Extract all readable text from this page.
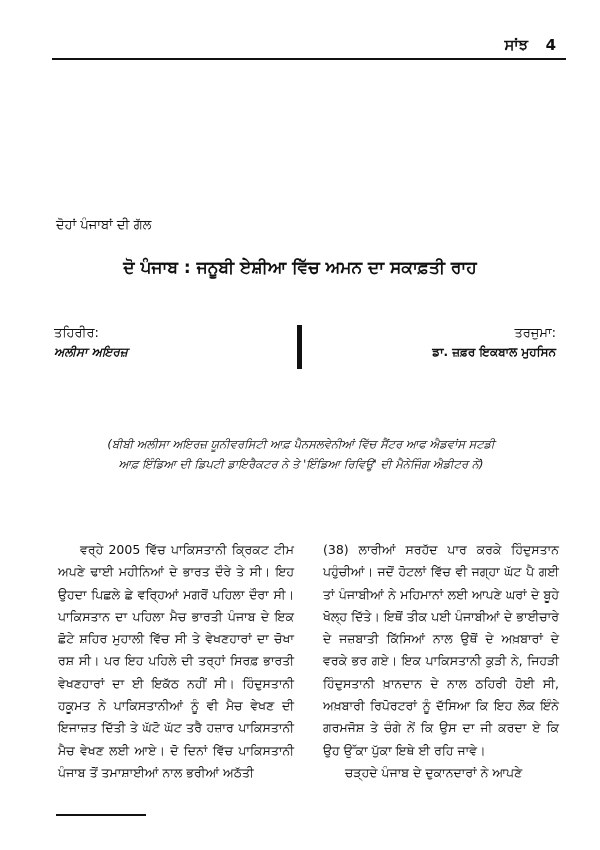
ਸਾਂਝ 4
ਦੋਹਾਂ ਪੰਜਾਬਾਂ ਦੀ ਗੱਲ
ਦੋ ਪੰਜਾਬ : ਜਨੂਬੀ ਏਸ਼ੀਆ ਵਿੱਚ ਅਮਨ ਦਾ ਸਕਾਫ਼ਤੀ ਰਾਹ
ਤਹਿਰੀਰ:
ਅਲੀਸਾ ਅਇਰਜ਼
ਤਰਜੁਮਾ:
ਡਾ. ਜ਼ਫ਼ਰ ਇਕਬਾਲ ਮੁਹਸਿਨ
(ਬੀਬੀ ਅਲੀਸਾ ਅਇਰਜ਼ ਯੂਨੀਵਰਸਿਟੀ ਆਫ਼ ਪੈਨਸਲਵੇਨੀਆਂ ਵਿੱਚ ਸੈਂਟਰ ਆਫ ਐਡਵਾਂਸ ਸਟਡੀ
ਆਫ਼ ਇੰਡਿਆ ਦੀ ਡਿਪਟੀ ਡਾਇਰੈਕਟਰ ਨੇ ਤੇ 'ਇੰਡਿਆ ਰਿਵਿਊ' ਦੀ ਮੈਨੇਜਿੰਗ ਐਡੀਟਰ ਨੇਂ)

ਵਰ੍ਹੇ 2005 ਵਿੱਚ ਪਾਕਿਸਤਾਨੀ ਕ੍ਰਿਕਟ ਟੀਮ ਅਪਣੇ ਢਾਈ ਮਹੀਨਿਆਂ ਦੇ ਭਾਰਤ ਦੌਰੇ ਤੇ ਸੀ। ਇਹ ਉਹਦਾ ਪਿਛਲੇ ਛੇ ਵਰ੍ਹਿਆਂ ਮਗਰੋਂ ਪਹਿਲਾ ਦੌਰਾ ਸੀ। ਪਾਕਿਸਤਾਨ ਦਾ ਪਹਿਲਾ ਮੈਚ ਭਾਰਤੀ ਪੰਜਾਬ ਦੇ ਇਕ ਛੋਟੇ ਸ਼ਹਿਰ ਮੁਹਾਲੀ ਵਿੱਚ ਸੀ ਤੇ ਵੇਖਣਹਾਰਾਂ ਦਾ ਚੋਖਾ ਰਸ਼ ਸੀ। ਪਰ ਇਹ ਪਹਿਲੇ ਦੀ ਤਰ੍ਹਾਂ ਸਿਰਫ਼ ਭਾਰਤੀ ਵੇਖਣਹਾਰਾਂ ਦਾ ਈ ਇਕੱਠ ਨਹੀਂ ਸੀ। ਹਿੰਦੁਸਤਾਨੀ ਹਕੂਮਤ ਨੇ ਪਾਕਿਸਤਾਨੀਆਂ ਨੂੰ ਵੀ ਮੈਚ ਵੇਖਣ ਦੀ ਇਜਾਜ਼ਤ ਦਿੱਤੀ ਤੇ ਘੱਟੋ ਘੱਟ ਤਰੈ ਹਜ਼ਾਰ ਪਾਕਿਸਤਾਨੀ ਮੈਚ ਵੇਖਣ ਲਈ ਆਏ। ਦੋ ਦਿਨਾਂ ਵਿੱਚ ਪਾਕਿਸਤਾਨੀ ਪੰਜਾਬ ਤੋਂ ਤਮਾਸ਼ਾਈਆਂ ਨਾਲ ਭਰੀਆਂ ਅਠੱਤੀ

(38) ਲਾਰੀਆਂ ਸਰਹੱਦ ਪਾਰ ਕਰਕੇ ਹਿੰਦੁਸਤਾਨ ਪਹੁੰਚੀਆਂ। ਜਦੋਂ ਹੋਟਲਾਂ ਵਿੱਚ ਵੀ ਜਗ੍ਹਾ ਘੱਟ ਪੈ ਗਈ ਤਾਂ ਪੰਜਾਬੀਆਂ ਨੇ ਮਹਿਮਾਨਾਂ ਲਈ ਆਪਣੇ ਘਰਾਂ ਦੇ ਬੂਹੇ ਖੋਲ੍ਹ ਦਿੱਤੇ। ਇਥੋਂ ਤੀਕ ਪਈ ਪੰਜਾਬੀਆਂ ਦੇ ਭਾਈਚਾਰੇ ਦੇ ਜਜ਼ਬਾਤੀ ਕਿੱਸਿਆਂ ਨਾਲ ਉਥੋਂ ਦੇ ਅਖ਼ਬਾਰਾਂ ਦੇ ਵਰਕੇ ਭਰ ਗਏ। ਇਕ ਪਾਕਿਸਤਾਨੀ ਕੁੜੀ ਨੇ, ਜਿਹੜੀ ਹਿੰਦੁਸਤਾਨੀ ਖ਼ਾਨਦਾਨ ਦੇ ਨਾਲ ਠਹਿਰੀ ਹੋਈ ਸੀ, ਅਖ਼ਬਾਰੀ ਰਿਪੋਰਟਰਾਂ ਨੂੰ ਦੱਸਿਆ ਕਿ ਇਹ ਲੋਕ ਇੰਨੇ ਗਰਮਜੋਸ਼ ਤੇ ਚੰਗੇ ਨੇਂ ਕਿ ਉਸ ਦਾ ਜੀ ਕਰਦਾ ਏ ਕਿ ਉਹ ਉੱਕਾ ਪੁੱਕਾ ਇਥੇ ਈ ਰਹਿ ਜਾਵੇ।

ਚੜ੍ਹਦੇ ਪੰਜਾਬ ਦੇ ਦੁਕਾਨਦਾਰਾਂ ਨੇ ਆਪਣੇ
